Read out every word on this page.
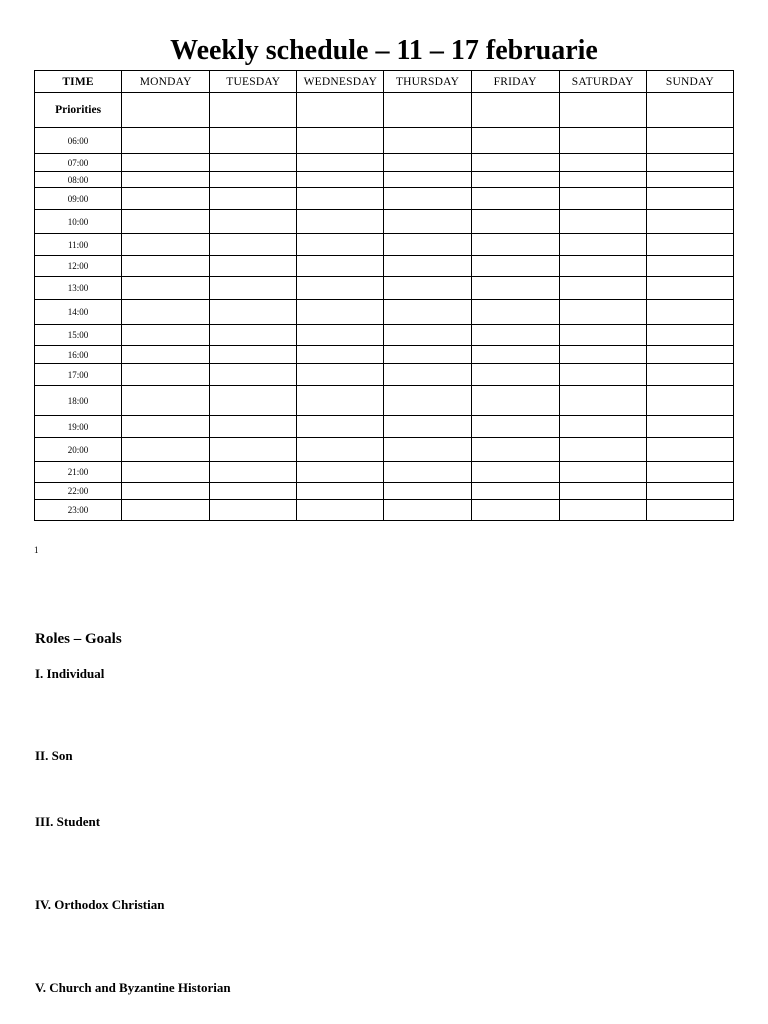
Weekly schedule – 11 – 17 februarie
TIME	MONDAY	TUESDAY	WEDNESDAY	THURSDAY	FRIDAY	SATURDAY	SUNDAY
Priorities							
06:00							
07:00							
08:00							
09:00							
10:00							
11:00							
12:00							
13:00							
14:00							
15:00							
16:00							
17:00							
18:00							
19:00							
20:00							
21:00							
22:00							
23:00							
1
Roles – Goals
I. Individual
II. Son
III. Student
IV. Orthodox Christian
V. Church and Byzantine Historian
